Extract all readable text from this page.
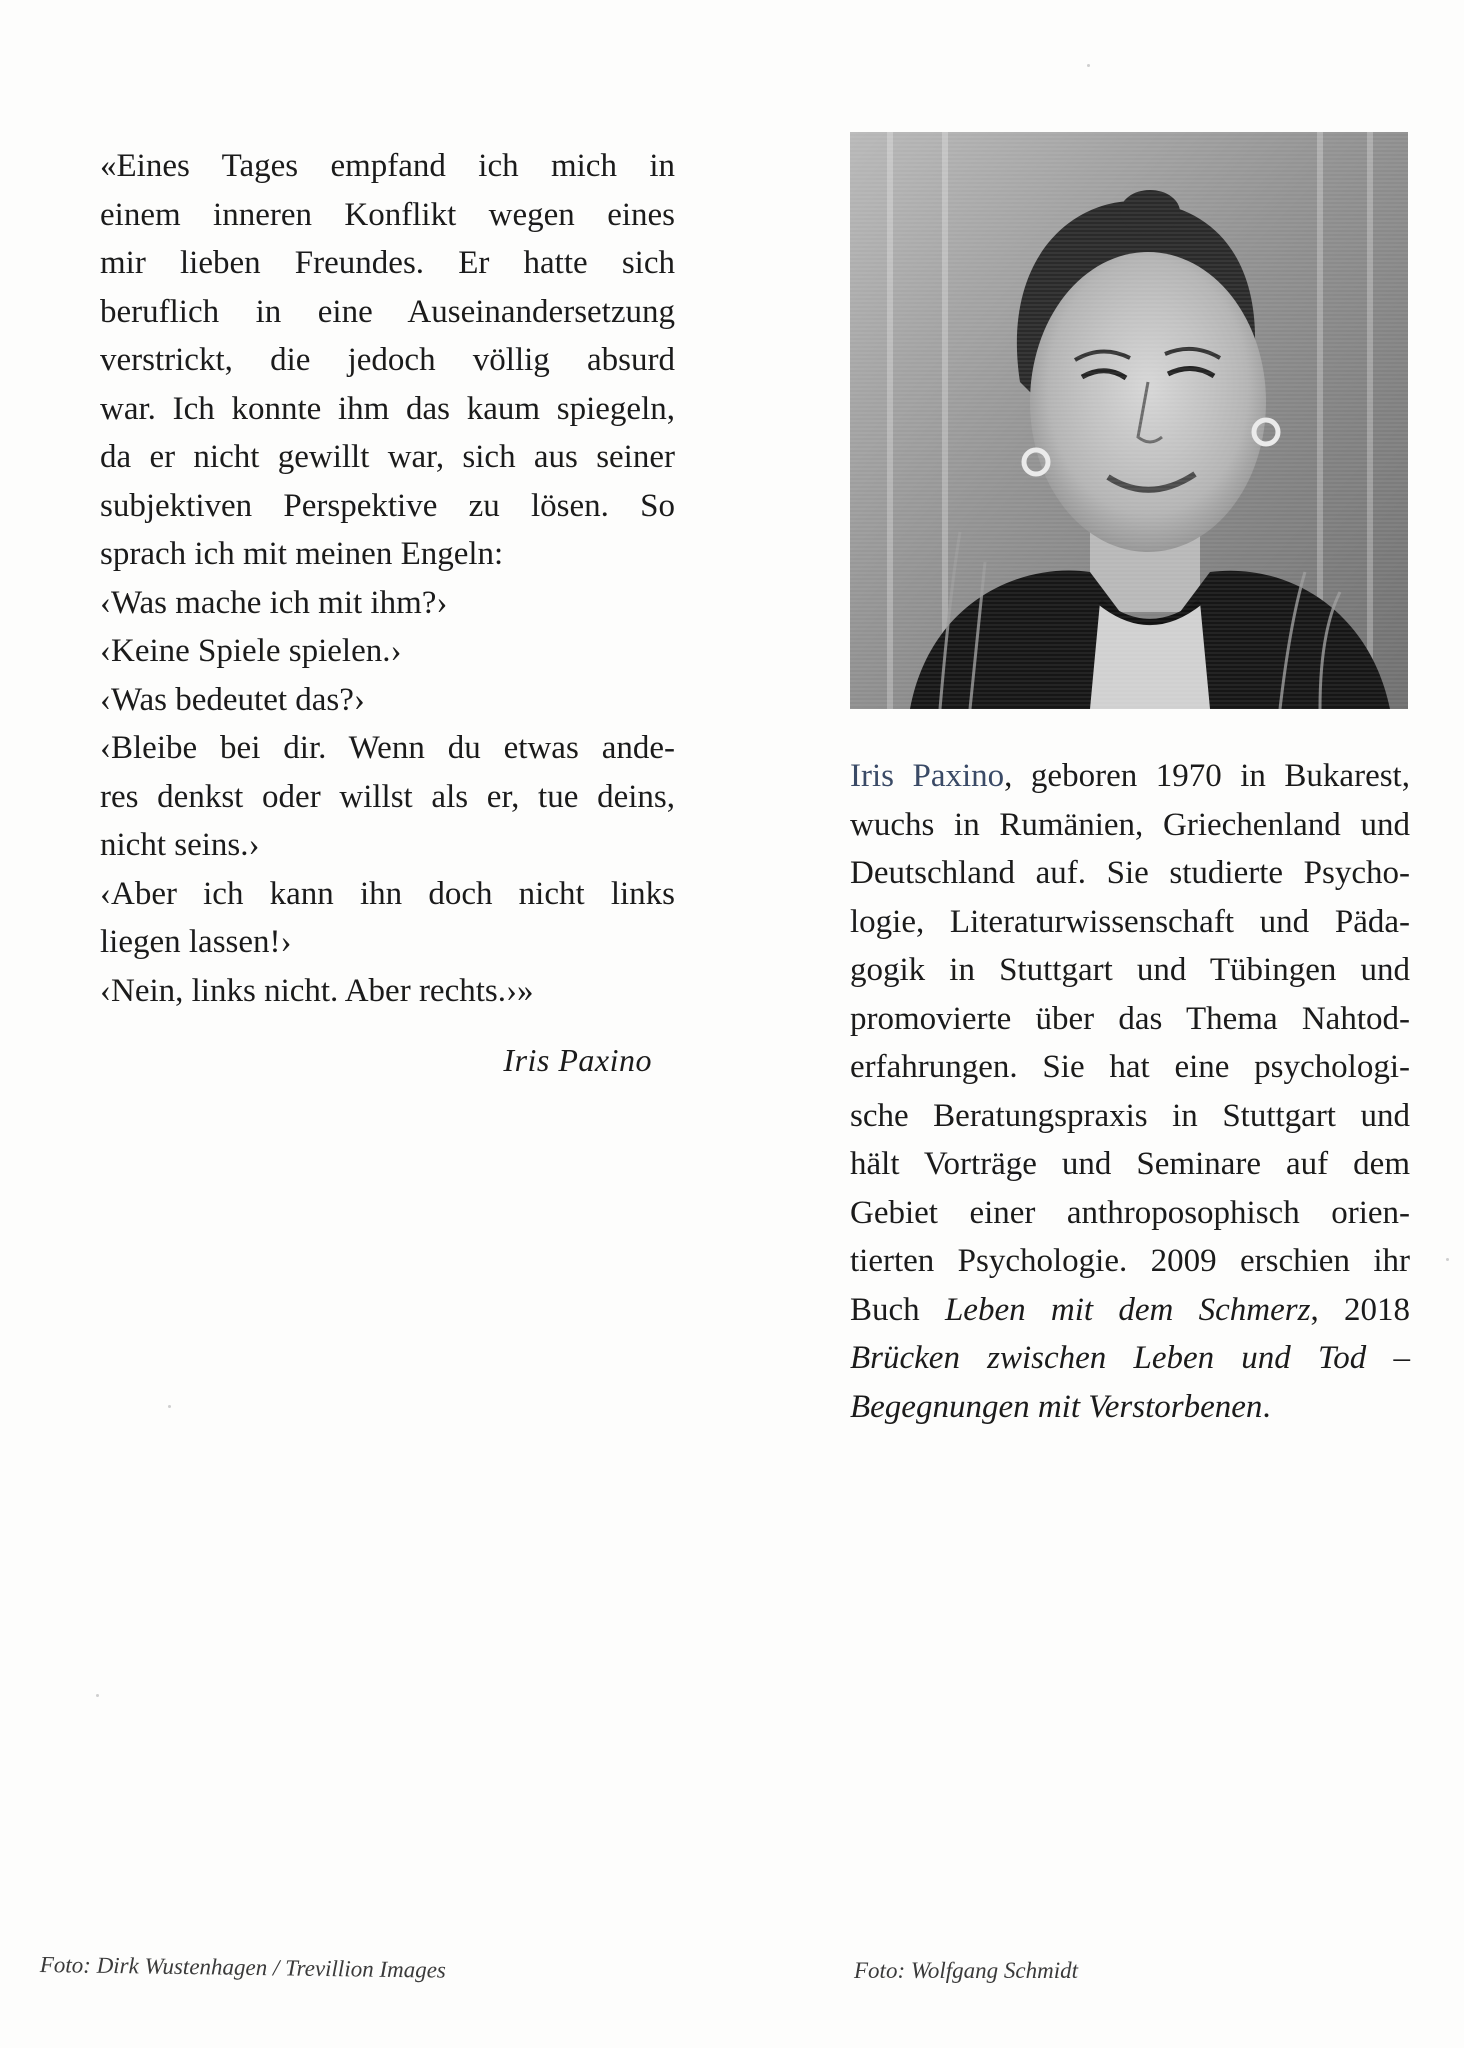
«Eines Tages empfand ich mich in
einem inneren Konflikt wegen eines
mir lieben Freundes. Er hatte sich
beruflich in eine Auseinandersetzung
verstrickt, die jedoch völlig absurd
war. Ich konnte ihm das kaum spiegeln,
da er nicht gewillt war, sich aus seiner
subjektiven Perspektive zu lösen. So
sprach ich mit meinen Engeln:
‹Was mache ich mit ihm?›
‹Keine Spiele spielen.›
‹Was bedeutet das?›
‹Bleibe bei dir. Wenn du etwas ande-
res denkst oder willst als er, tue deins,
nicht seins.›
‹Aber ich kann ihn doch nicht links
liegen lassen!›
‹Nein, links nicht. Aber rechts.›»
Iris Paxino
Iris Paxino, geboren 1970 in Bukarest,
wuchs in Rumänien, Griechenland und
Deutschland auf. Sie studierte Psycho-
logie, Literaturwissenschaft und Päda-
gogik in Stuttgart und Tübingen und
promovierte über das Thema Nahtod-
erfahrungen. Sie hat eine psychologi-
sche Beratungspraxis in Stuttgart und
hält Vorträge und Seminare auf dem
Gebiet einer anthroposophisch orien-
tierten Psychologie. 2009 erschien ihr
Buch Leben mit dem Schmerz, 2018
Brücken zwischen Leben und Tod –
Begegnungen mit Verstorbenen.
Foto: Dirk Wustenhagen / Trevillion Images	Foto: Wolfgang Schmidt
